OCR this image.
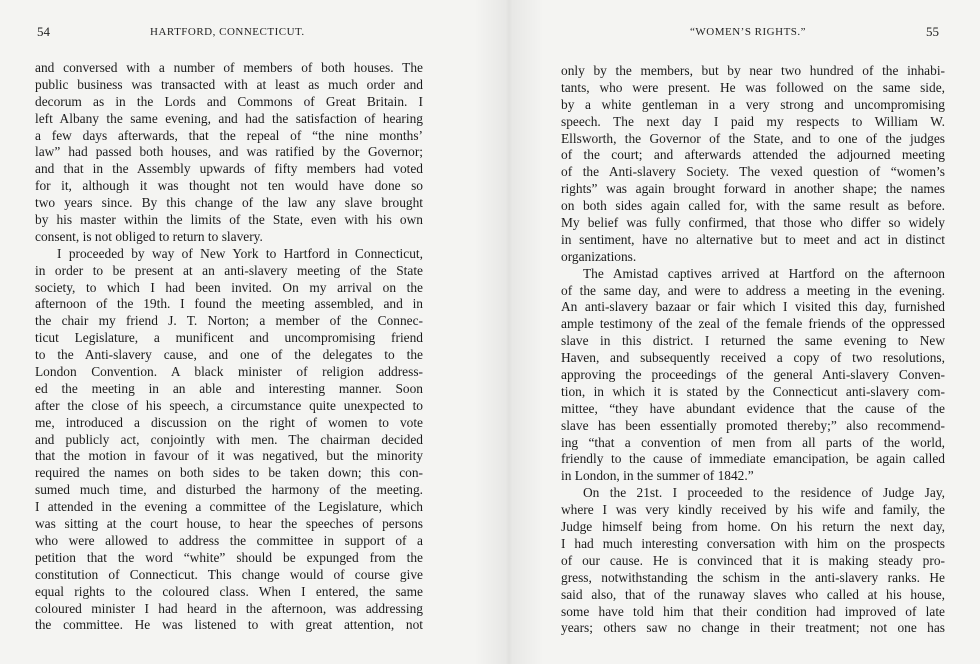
54	HARTFORD, CONNECTICUT.
and conversed with a number of members of both houses. The
public business was transacted with at least as much order and
decorum as in the Lords and Commons of Great Britain. I
left Albany the same evening, and had the satisfaction of hearing
a few days afterwards, that the repeal of “the nine months’
law” had passed both houses, and was ratified by the Governor;
and that in the Assembly upwards of fifty members had voted
for it, although it was thought not ten would have done so
two years since. By this change of the law any slave brought
by his master within the limits of the State, even with his own
consent, is not obliged to return to slavery.
I proceeded by way of New York to Hartford in Connecticut,
in order to be present at an anti-slavery meeting of the State
society, to which I had been invited. On my arrival on the
afternoon of the 19th. I found the meeting assembled, and in
the chair my friend J. T. Norton; a member of the Connec-
ticut Legislature, a munificent and uncompromising friend
to the Anti-slavery cause, and one of the delegates to the
London Convention. A black minister of religion address-
ed the meeting in an able and interesting manner. Soon
after the close of his speech, a circumstance quite unexpected to
me, introduced a discussion on the right of women to vote
and publicly act, conjointly with men. The chairman decided
that the motion in favour of it was negatived, but the minority
required the names on both sides to be taken down; this con-
sumed much time, and disturbed the harmony of the meeting.
I attended in the evening a committee of the Legislature, which
was sitting at the court house, to hear the speeches of persons
who were allowed to address the committee in support of a
petition that the word “white” should be expunged from the
constitution of Connecticut. This change would of course give
equal rights to the coloured class. When I entered, the same
coloured minister I had heard in the afternoon, was addressing
the committee. He was listened to with great attention, not
“WOMEN’S RIGHTS.”	55
only by the members, but by near two hundred of the inhabi-
tants, who were present. He was followed on the same side,
by a white gentleman in a very strong and uncompromising
speech. The next day I paid my respects to William W.
Ellsworth, the Governor of the State, and to one of the judges
of the court; and afterwards attended the adjourned meeting
of the Anti-slavery Society. The vexed question of “women’s
rights” was again brought forward in another shape; the names
on both sides again called for, with the same result as before.
My belief was fully confirmed, that those who differ so widely
in sentiment, have no alternative but to meet and act in distinct
organizations.
The Amistad captives arrived at Hartford on the afternoon
of the same day, and were to address a meeting in the evening.
An anti-slavery bazaar or fair which I visited this day, furnished
ample testimony of the zeal of the female friends of the oppressed
slave in this district. I returned the same evening to New
Haven, and subsequently received a copy of two resolutions,
approving the proceedings of the general Anti-slavery Conven-
tion, in which it is stated by the Connecticut anti-slavery com-
mittee, “they have abundant evidence that the cause of the
slave has been essentially promoted thereby;” also recommend-
ing “that a convention of men from all parts of the world,
friendly to the cause of immediate emancipation, be again called
in London, in the summer of 1842.”
On the 21st. I proceeded to the residence of Judge Jay,
where I was very kindly received by his wife and family, the
Judge himself being from home. On his return the next day,
I had much interesting conversation with him on the prospects
of our cause. He is convinced that it is making steady pro-
gress, notwithstanding the schism in the anti-slavery ranks. He
said also, that of the runaway slaves who called at his house,
some have told him that their condition had improved of late
years; others saw no change in their treatment; not one has
